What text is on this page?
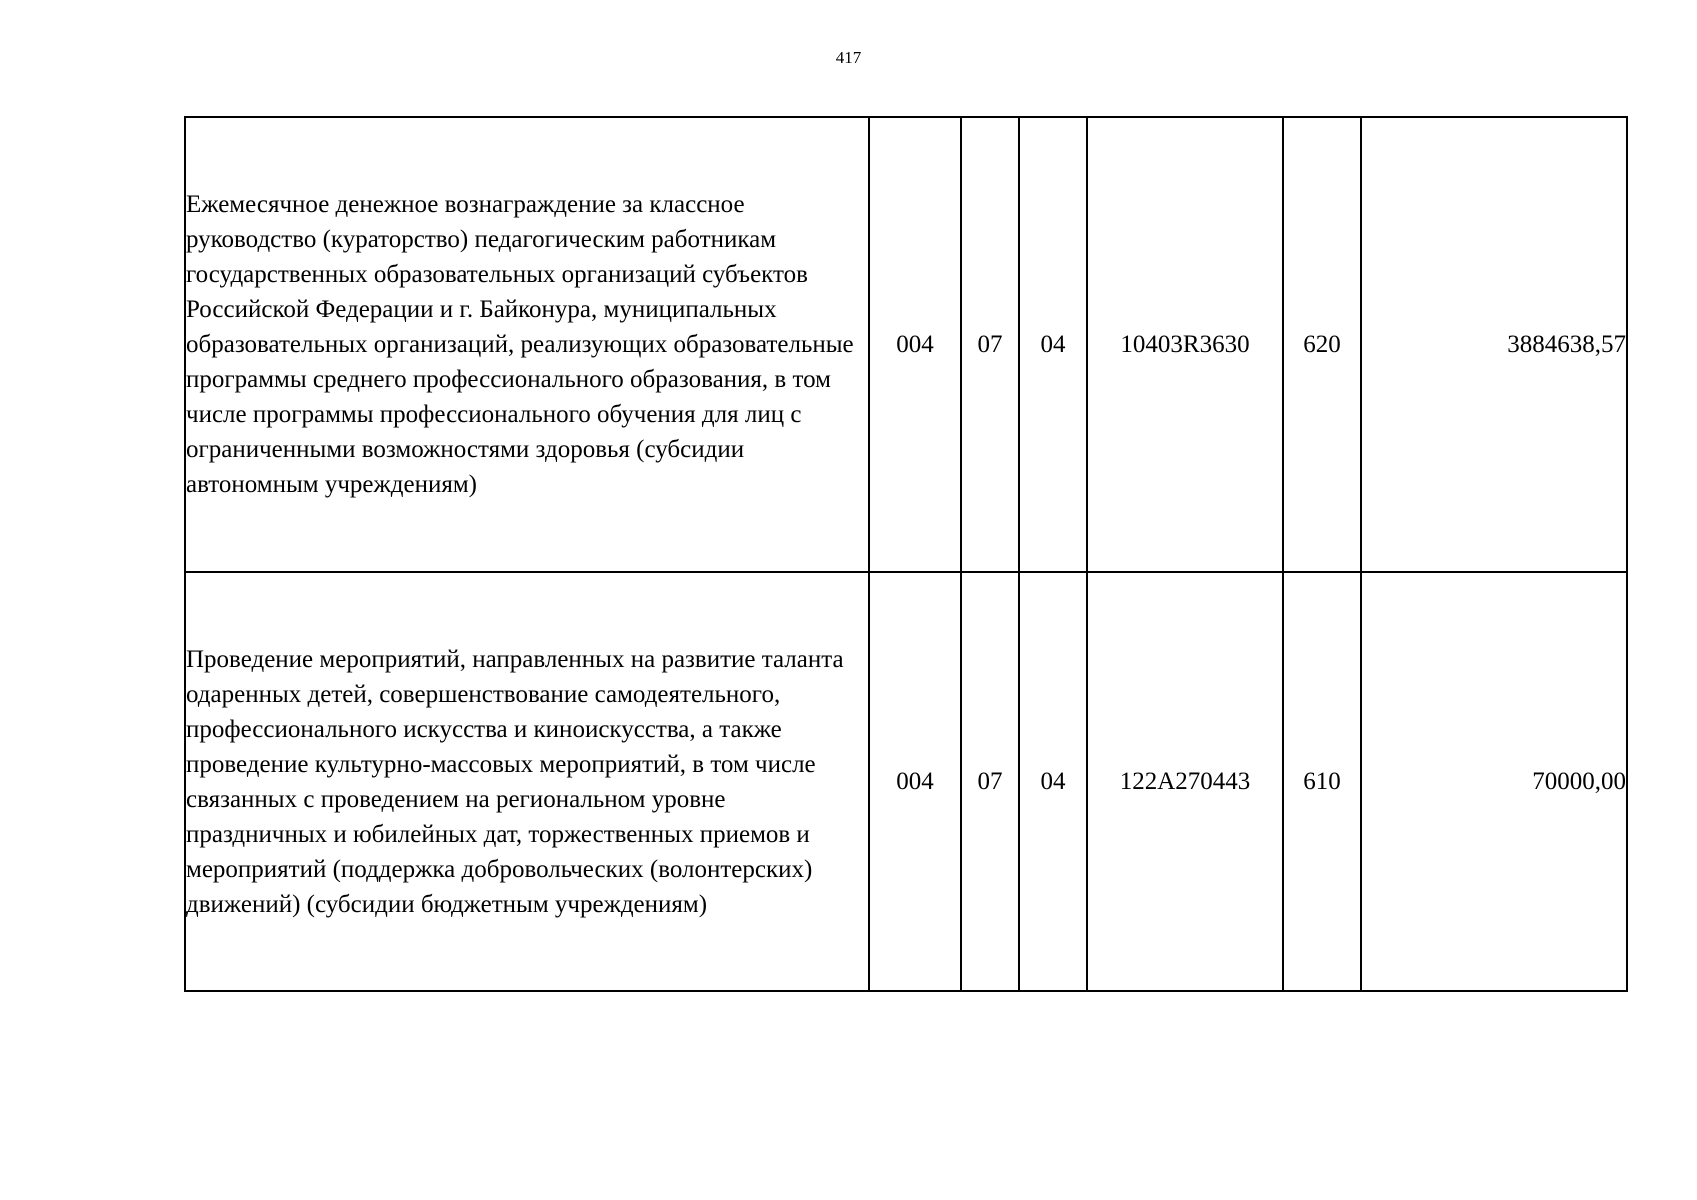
417
Ежемесячное денежное вознаграждение за классное руководство (кураторство) педагогическим работникам государственных образовательных организаций субъектов Российской Федерации и г. Байконура, муниципальных образовательных организаций, реализующих образовательные программы среднего профессионального образования, в том числе программы профессионального обучения для лиц с ограниченными возможностями здоровья (субсидии автономным учреждениям)	004	07	04	10403R3630	620	3884638,57
Проведение мероприятий, направленных на развитие таланта одаренных детей, совершенствование самодеятельного, профессионального искусства и киноискусства, а также проведение культурно-массовых мероприятий, в том числе связанных с проведением на региональном уровне праздничных и юбилейных дат, торжественных приемов и мероприятий (поддержка добровольческих (волонтерских) движений) (субсидии бюджетным учреждениям)	004	07	04	122А270443	610	70000,00
